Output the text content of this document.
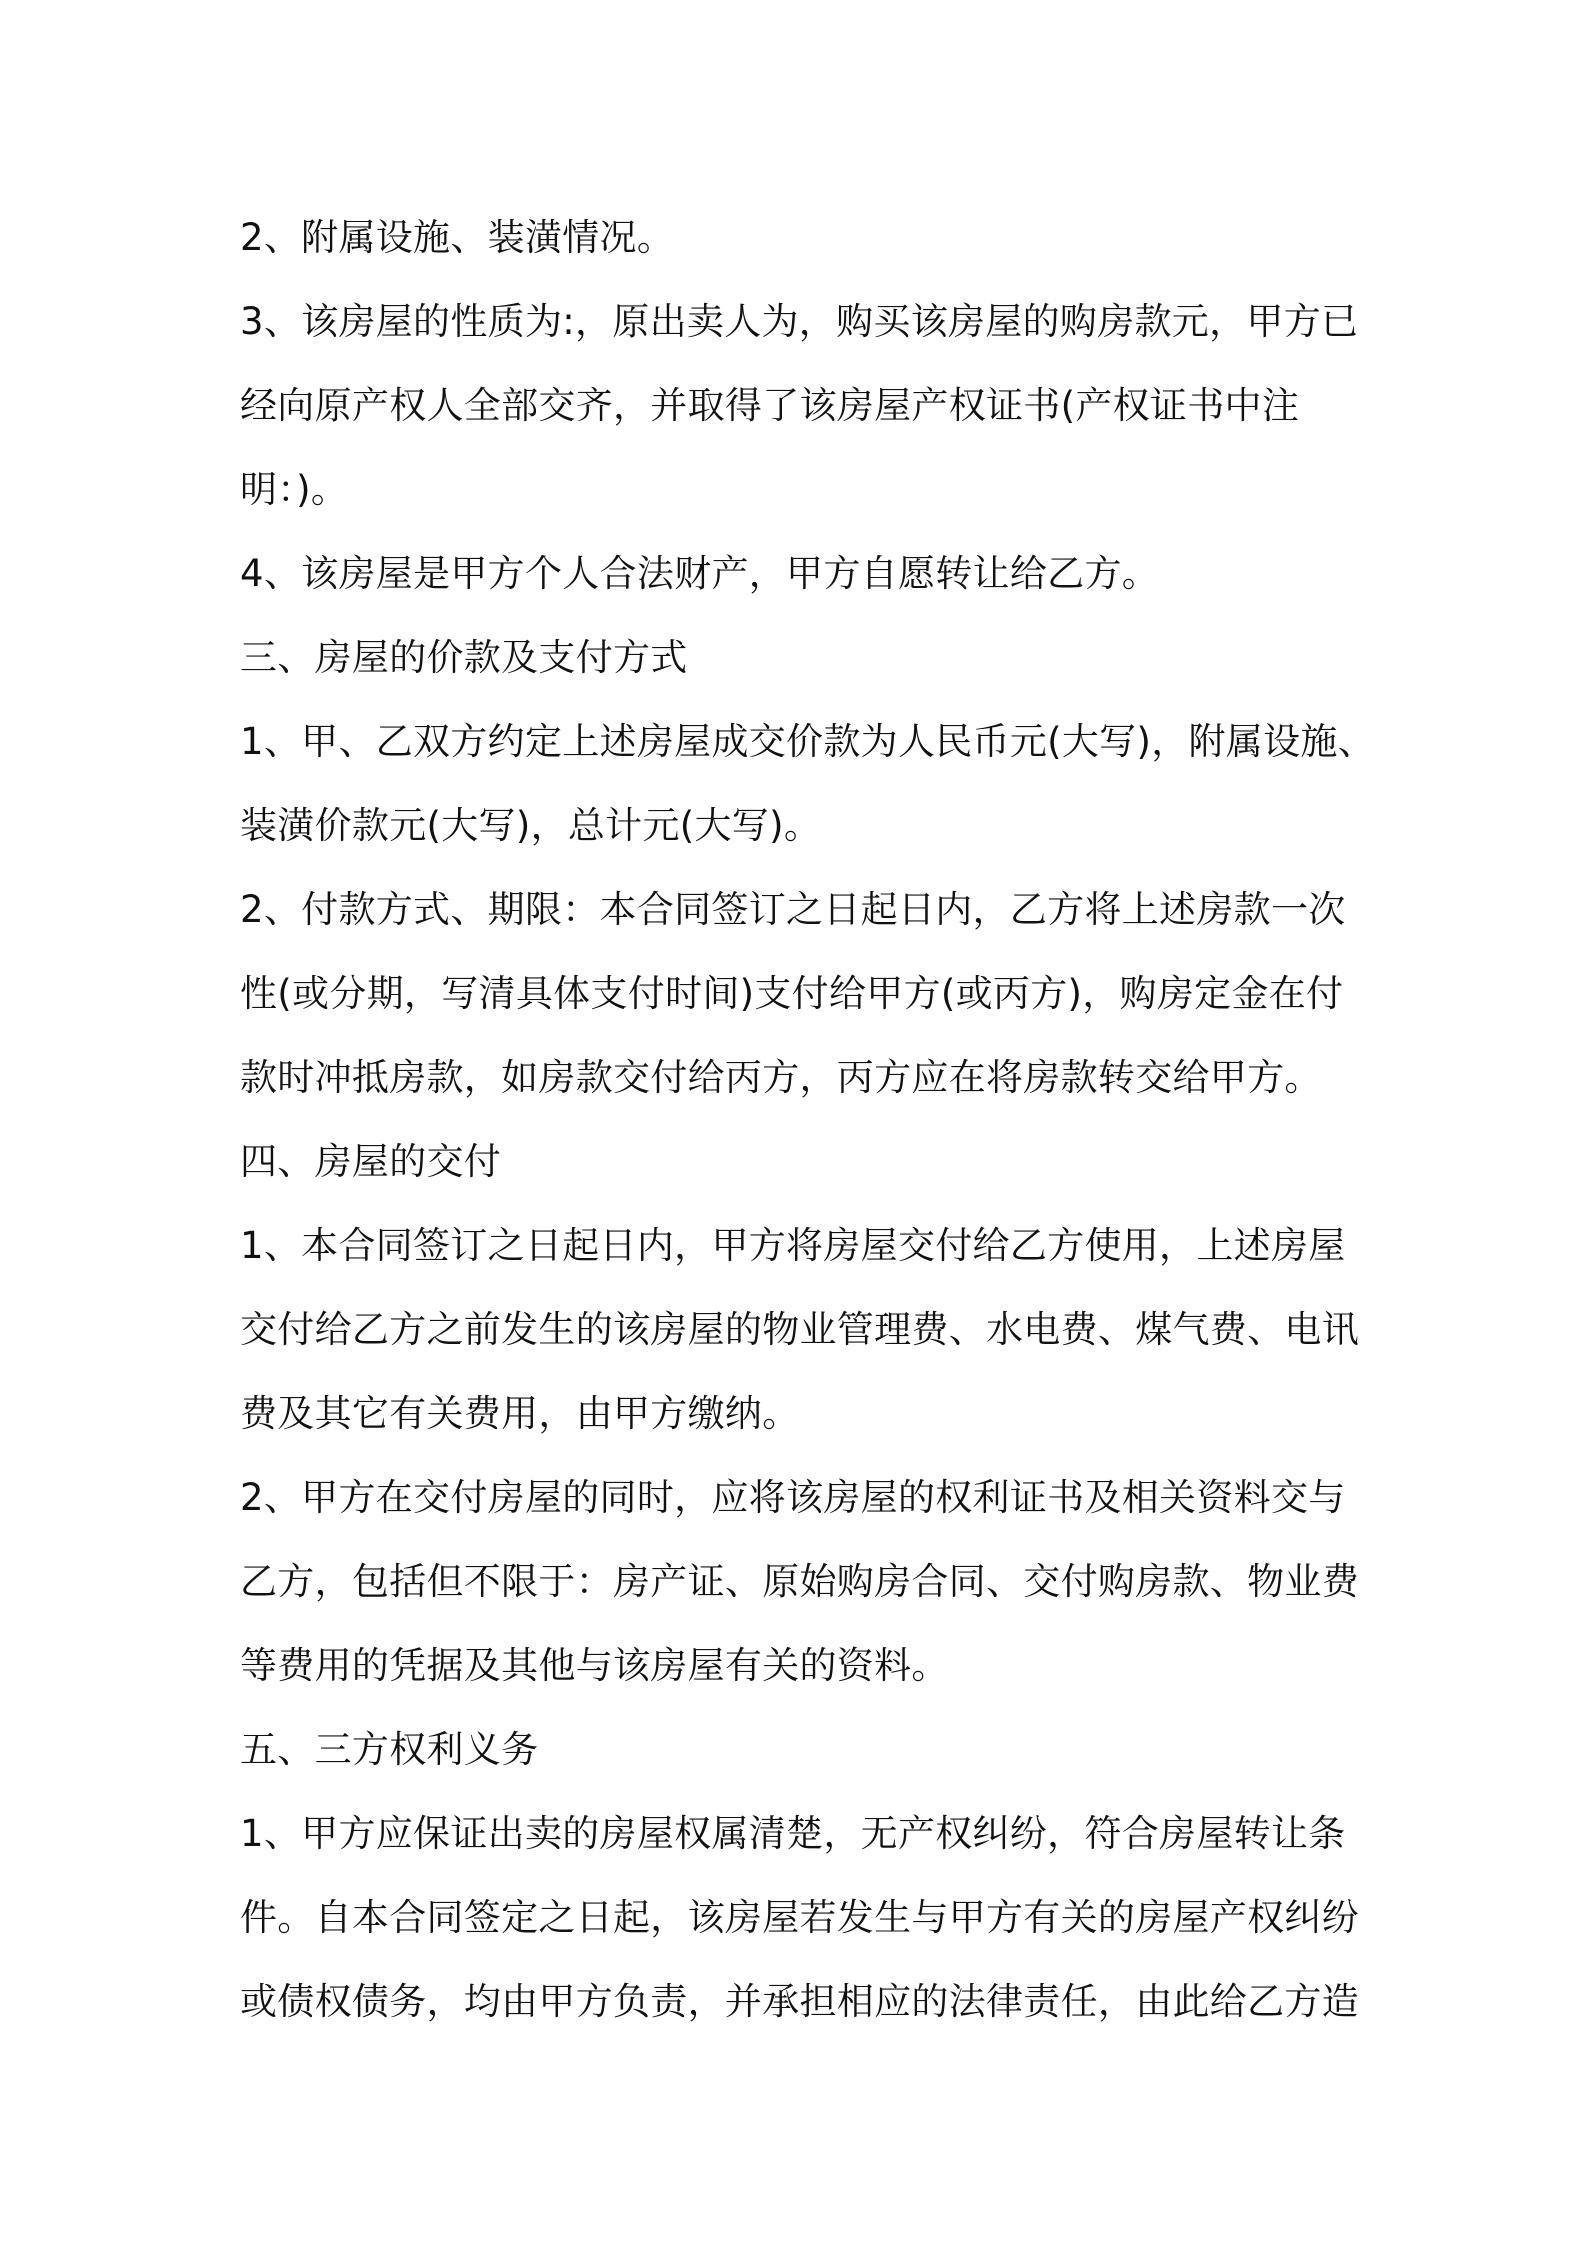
2、附属设施、装潢情况。
3、该房屋的性质为:，原出卖人为，购买该房屋的购房款元，甲方已
经向原产权人全部交齐，并取得了该房屋产权证书(产权证书中注
明：)。
4、该房屋是甲方个人合法财产，甲方自愿转让给乙方。
三、房屋的价款及支付方式
1、甲、乙双方约定上述房屋成交价款为人民币元(大写)，附属设施、
装潢价款元(大写)，总计元(大写)。
2、付款方式、期限：本合同签订之日起日内，乙方将上述房款一次
性(或分期，写清具体支付时间)支付给甲方(或丙方)，购房定金在付
款时冲抵房款，如房款交付给丙方，丙方应在将房款转交给甲方。
四、房屋的交付
1、本合同签订之日起日内，甲方将房屋交付给乙方使用，上述房屋
交付给乙方之前发生的该房屋的物业管理费、水电费、煤气费、电讯
费及其它有关费用，由甲方缴纳。
2、甲方在交付房屋的同时，应将该房屋的权利证书及相关资料交与
乙方，包括但不限于：房产证、原始购房合同、交付购房款、物业费
等费用的凭据及其他与该房屋有关的资料。
五、三方权利义务
1、甲方应保证出卖的房屋权属清楚，无产权纠纷，符合房屋转让条
件。自本合同签定之日起，该房屋若发生与甲方有关的房屋产权纠纷
或债权债务，均由甲方负责，并承担相应的法律责任，由此给乙方造
